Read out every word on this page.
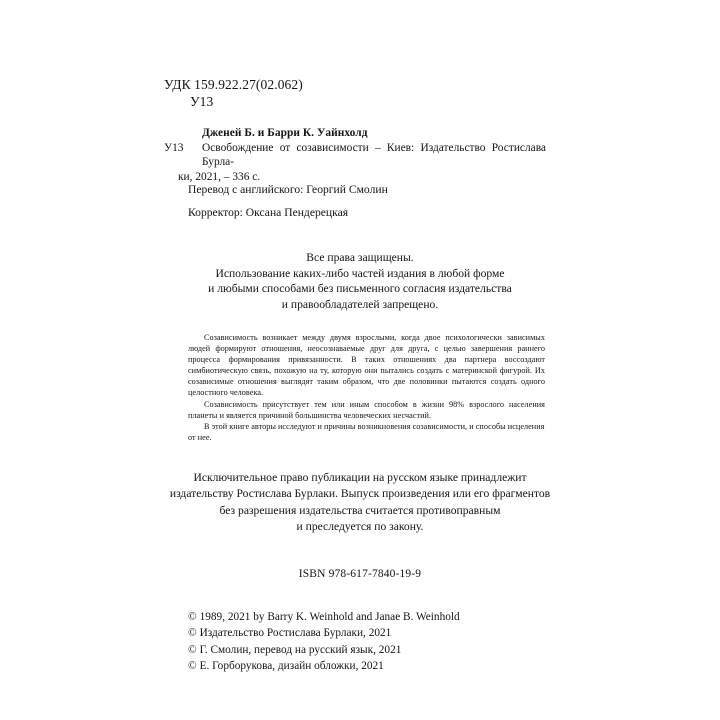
УДК 159.922.27(02.062)
У13
Дженей Б. и Барри К. Уайнхолд
У13 Освобождение от созависимости – Киев: Издательство Ростислава Бурла-
ки, 2021, – 336 с.
Перевод с английского: Георгий Смолин
Корректор: Оксана Пендерецкая
Все права защищены.
Использование каких-либо частей издания в любой форме
и любыми способами без письменного согласия издательства
и правообладателей запрещено.

Созависимость возникает между двумя взрослыми, когда двое психологически зависимых людей формируют отношения, неосознаваемые друг для друга, с целью завершения раннего процесса формирования привязанности. В таких отношениях два партнера воссоздают симбиотическую связь, похожую на ту, которую они пытались создать с материнской фигурой. Их созависимые отношения выглядят таким образом, что две половинки пытаются создать одного целостного человека.

Созависимость присутствует тем или иным способом в жизни 98% взрослого населения планеты и является причиной большинства человеческих несчастий.

В этой книге авторы исследуют и причины возникновения созависимости, и способы исцеления от нее.

Исключительное право публикации на русском языке принадлежит
издательству Ростислава Бурлаки. Выпуск произведения или его фрагментов
без разрешения издательства считается противоправным
и преследуется по закону.
ISBN 978-617-7840-19-9
© 1989, 2021 by Barry K. Weinhold and Janae B. Weinhold
© Издательство Ростислава Бурлаки, 2021
© Г. Смолин, перевод на русский язык, 2021
© Е. Горборукова, дизайн обложки, 2021
